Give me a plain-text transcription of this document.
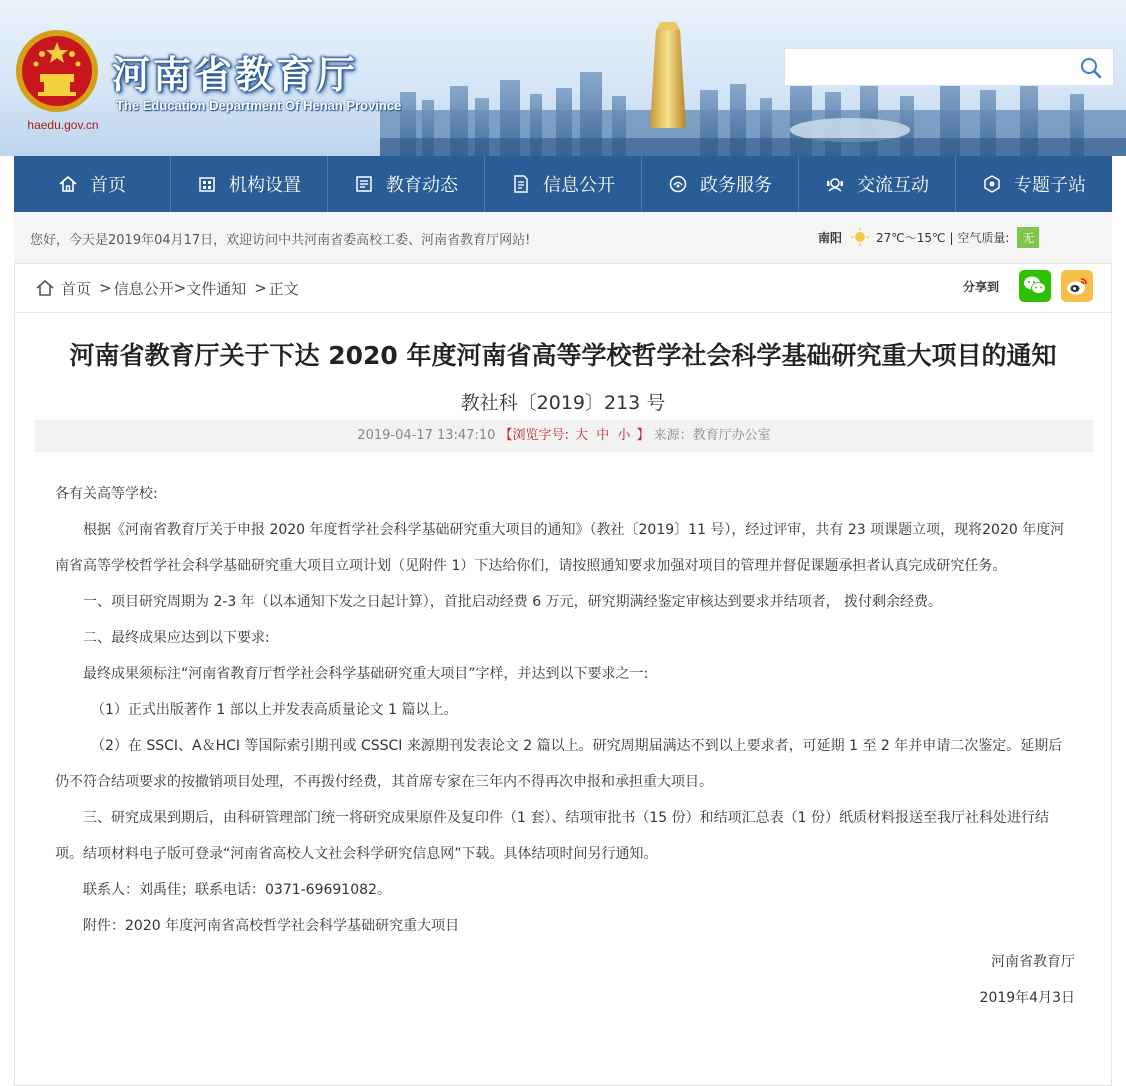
haedu.gov.cn
河南省教育厅
The Education Department Of Henan Province
首页	机构设置	教育动态	信息公开	政务服务	交流互动	专题子站
您好，今天是2019年04月17日，欢迎访问中共河南省委高校工委、河南省教育厅网站!	南阳	27℃～15℃ | 空气质量:	无
首页 > 信息公开 > 文件通知 > 正文	分享到
河南省教育厅关于下达 2020 年度河南省高等学校哲学社会科学基础研究重大项目的通知
教社科〔2019〕213 号
2019-04-17 13:47:10 【浏览字号: 大 中 小 】 来源：教育厅办公室

各有关高等学校:

根据《河南省教育厅关于申报 2020 年度哲学社会科学基础研究重大项目的通知》（教社〔2019〕11 号），经过评审，共有 23 项课题立项，现将2020 年度河南省高等学校哲学社会科学基础研究重大项目立项计划（见附件 1）下达给你们，请按照通知要求加强对项目的管理并督促课题承担者认真完成研究任务。

一、项目研究周期为 2-3 年（以本通知下发之日起计算），首批启动经费 6 万元，研究期满经鉴定审核达到要求并结项者， 拨付剩余经费。

二、最终成果应达到以下要求:

最终成果须标注“河南省教育厅哲学社会科学基础研究重大项目”字样，并达到以下要求之一:

（1）正式出版著作 1 部以上并发表高质量论文 1 篇以上。

（2）在 SSCI、A＆HCI 等国际索引期刊或 CSSCI 来源期刊发表论文 2 篇以上。研究周期届满达不到以上要求者，可延期 1 至 2 年并申请二次鉴定。延期后仍不符合结项要求的按撤销项目处理，不再拨付经费，其首席专家在三年内不得再次申报和承担重大项目。

三、研究成果到期后，由科研管理部门统一将研究成果原件及复印件（1 套）、结项审批书（15 份）和结项汇总表（1 份）纸质材料报送至我厅社科处进行结项。结项材料电子版可登录“河南省高校人文社会科学研究信息网”下载。具体结项时间另行通知。

联系人：刘禹佳；联系电话：0371-69691082。

附件：2020 年度河南省高校哲学社会科学基础研究重大项目

河南省教育厅

2019年4月3日
